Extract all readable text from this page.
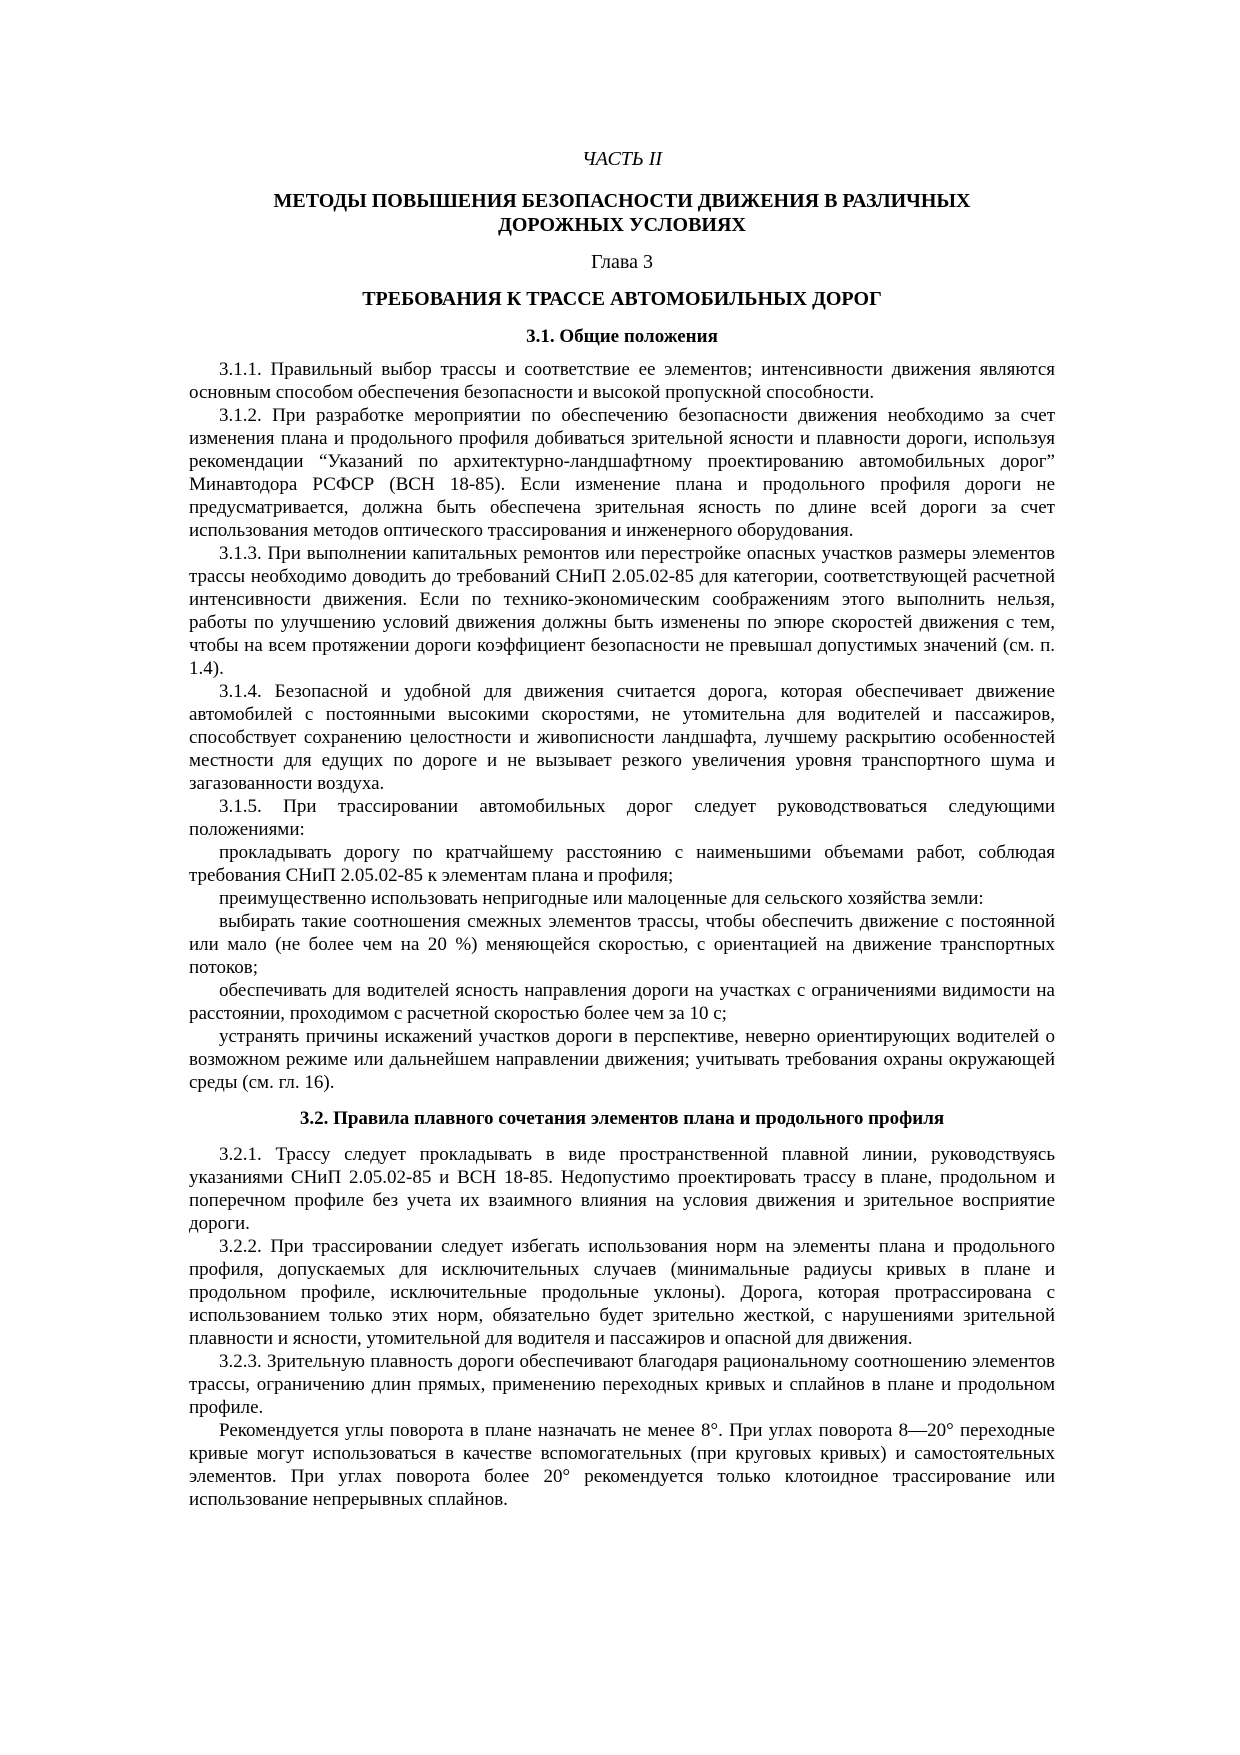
ЧАСТЬ II
МЕТОДЫ ПОВЫШЕНИЯ БЕЗОПАСНОСТИ ДВИЖЕНИЯ В РАЗЛИЧНЫХ
ДОРОЖНЫХ УСЛОВИЯХ
Глава 3
ТРЕБОВАНИЯ К ТРАССЕ АВТОМОБИЛЬНЫХ ДОРОГ
3.1. Общие положения

3.1.1. Правильный выбор трассы и соответствие ее элементов; интенсивности движения являются основным способом обеспечения безопасности и высокой пропускной способности.

3.1.2. При разработке мероприятии по обеспечению безопасности движения необходимо за счет изменения плана и продольного профиля добиваться зрительной ясности и плавности дороги, используя рекомендации “Указаний по архитектурно-ландшафтному проектированию автомобильных дорог” Минавтодора РСФСР (ВСН 18-85). Если изменение плана и продольного профиля дороги не предусматривается, должна быть обеспечена зрительная ясность по длине всей дороги за счет использования методов оптического трассирования и инженерного оборудования.

3.1.3. При выполнении капитальных ремонтов или перестройке опасных участков размеры элементов трассы необходимо доводить до требований СНиП 2.05.02-85 для категории, соответствующей расчетной интенсивности движения. Если по технико-экономическим соображениям этого выполнить нельзя, работы по улучшению условий движения должны быть изменены по эпюре скоростей движения с тем, чтобы на всем протяжении дороги коэффициент безопасности не превышал допустимых значений (см. п. 1.4).

3.1.4. Безопасной и удобной для движения считается дорога, которая обеспечивает движение автомобилей с постоянными высокими скоростями, не утомительна для водителей и пассажиров, способствует сохранению целостности и живописности ландшафта, лучшему раскрытию особенностей местности для едущих по дороге и не вызывает резкого увеличения уровня транспортного шума и загазованности воздуха.

3.1.5. При трассировании автомобильных дорог следует руководствоваться следующими положениями:

прокладывать дорогу по кратчайшему расстоянию с наименьшими объемами работ, соблюдая требования СНиП 2.05.02-85 к элементам плана и профиля;

преимущественно использовать непригодные или малоценные для сельского хозяйства земли:

выбирать такие соотношения смежных элементов трассы, чтобы обеспечить движение с постоянной или мало (не более чем на 20 %) меняющейся скоростью, с ориентацией на движение транспортных потоков;

обеспечивать для водителей ясность направления дороги на участках с ограничениями видимости на расстоянии, проходимом с расчетной скоростью более чем за 10 с;

устранять причины искажений участков дороги в перспективе, неверно ориентирующих водителей о возможном режиме или дальнейшем направлении движения; учитывать требования охраны окружающей среды (см. гл. 16).

3.2. Правила плавного сочетания элементов плана и продольного профиля

3.2.1. Трассу следует прокладывать в виде пространственной плавной линии, руководствуясь указаниями СНиП 2.05.02-85 и ВСН 18-85. Недопустимо проектировать трассу в плане, продольном и поперечном профиле без учета их взаимного влияния на условия движения и зрительное восприятие дороги.

3.2.2. При трассировании следует избегать использования норм на элементы плана и продольного профиля, допускаемых для исключительных случаев (минимальные радиусы кривых в плане и продольном профиле, исключительные продольные уклоны). Дорога, которая протрассирована с использованием только этих норм, обязательно будет зрительно жесткой, с нарушениями зрительной плавности и ясности, утомительной для водителя и пассажиров и опасной для движения.

3.2.3. Зрительную плавность дороги обеспечивают благодаря рациональному соотношению элементов трассы, ограничению длин прямых, применению переходных кривых и сплайнов в плане и продольном профиле.

Рекомендуется углы поворота в плане назначать не менее 8°. При углах поворота 8—20° переходные кривые могут использоваться в качестве вспомогательных (при круговых кривых) и самостоятельных элементов. При углах поворота более 20° рекомендуется только клотоидное трассирование или использование непрерывных сплайнов.
